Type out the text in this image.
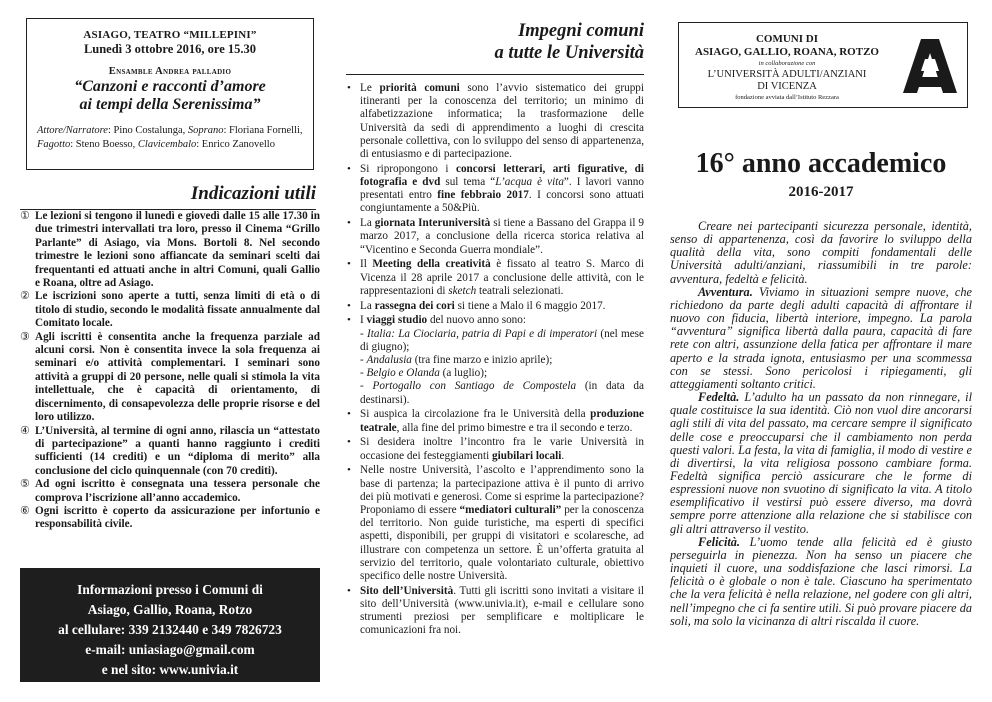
ASIAGO, TEATRO “MILLEPINI”
Lunedì 3 ottobre 2016, ore 15.30
Ensamble Andrea palladio
“Canzoni e racconti d’amore
ai tempi della Serenissima”
Attore/Narratore: Pino Costalunga, Soprano: Floriana Fornelli,
Fagotto: Steno Boesso, Clavicembalo: Enrico Zanovello
Indicazioni utili
① Le lezioni si tengono il lunedì e giovedì dalle 15 alle 17.30 in due trimestri intervallati tra loro, presso il Cinema “Grillo Parlante” di Asiago, via Mons. Bortoli 8. Nel secondo trimestre le lezioni sono affiancate da seminari scelti dai frequentanti ed attuati anche in altri Comuni, quali Gallio e Roana, oltre ad Asiago.
② Le iscrizioni sono aperte a tutti, senza limiti di età o di titolo di studio, secondo le modalità fissate annualmente dal Comitato locale.
③ Agli iscritti è consentita anche la frequenza parziale ad alcuni corsi. Non è consentita invece la sola frequenza ai seminari e/o attività complementari. I seminari sono attività a gruppi di 20 persone, nelle quali si stimola la vita intellettuale, che è capacità di orientamento, di discernimento, di consapevolezza delle proprie risorse e del loro utilizzo.
④ L’Università, al termine di ogni anno, rilascia un “attestato di partecipazione” a quanti hanno raggiunto i crediti sufficienti (14 crediti) e un “diploma di merito” alla conclusione del ciclo quinquennale (con 70 crediti).
⑤ Ad ogni iscritto è consegnata una tessera personale che comprova l’iscrizione all’anno accademico.
⑥ Ogni iscritto è coperto da assicurazione per infortunio e responsabilità civile.
Informazioni presso i Comuni di
Asiago, Gallio, Roana, Rotzo
al cellulare: 339 2132440 e 349 7826723
e-mail: uniasiago@gmail.com
e nel sito: www.univia.it
Impegni comuni
a tutte le Università
• Le priorità comuni sono l’avvio sistematico dei gruppi itineranti per la conoscenza del territorio; un minimo di alfabetizzazione informatica; la trasformazione delle Università da sedi di apprendimento a luoghi di crescita personale collettiva, con lo sviluppo del senso di appartenenza, di entusiasmo e di partecipazione.
• Si ripropongono i concorsi letterari, arti figurative, di fotografia e dvd sul tema “L’acqua è vita”. I lavori vanno presentati entro fine febbraio 2017. I concorsi sono attuati congiuntamente a 50&Più.
• La giornata Interuniversità si tiene a Bassano del Grappa il 9 marzo 2017, a conclusione della ricerca storica relativa al “Vicentino e Seconda Guerra mondiale”.
• Il Meeting della creatività è fissato al teatro S. Marco di Vicenza il 28 aprile 2017 a conclusione delle attività, con le rappresentazioni di sketch teatrali selezionati.
• La rassegna dei cori si tiene a Malo il 6 maggio 2017.
• I viaggi studio del nuovo anno sono:
- Italia: La Ciociaria, patria di Papi e di imperatori (nel mese di giugno);
- Andalusia (tra fine marzo e inizio aprile);
- Belgio e Olanda (a luglio);
- Portogallo con Santiago de Compostela (in data da destinarsi).
• Si auspica la circolazione fra le Università della produzione teatrale, alla fine del primo bimestre e tra il secondo e terzo.
• Si desidera inoltre l’incontro fra le varie Università in occasione dei festeggiamenti giubilari locali.
• Nelle nostre Università, l’ascolto e l’apprendimento sono la base di partenza; la partecipazione attiva è il punto di arrivo dei più motivati e generosi. Come si esprime la partecipazione?
Proponiamo di essere “mediatori culturali” per la conoscenza del territorio. Non guide turistiche, ma esperti di specifici aspetti, disponibili, per gruppi di visitatori e scolaresche, ad illustrare con competenza un settore. È un’offerta gratuita al servizio del territorio, quale volontariato culturale, obiettivo specifico delle nostre Università.
• Sito dell’Università. Tutti gli iscritti sono invitati a visitare il sito dell’Università (www.univia.it), e-mail e cellulare sono strumenti preziosi per semplificare e moltiplicare le comunicazioni fra noi.
COMUNI DI
ASIAGO, GALLIO, ROANA, ROTZO
in collaborazione con
L’UNIVERSITÀ ADULTI/ANZIANI
DI VICENZA
fondazione avviata dall’Istituto Rezzara
16° anno accademico
2016-2017

Creare nei partecipanti sicurezza personale, identità, senso di appartenenza, così da favorire lo sviluppo della qualità della vita, sono compiti fondamentali delle Università adulti/anziani, riassumibili in tre parole: avventura, fedeltà e felicità.

Avventura. Viviamo in situazioni sempre nuove, che richiedono da parte degli adulti capacità di affrontare il nuovo con fiducia, libertà interiore, impegno. La parola “avventura” significa libertà dalla paura, capacità di fare rete con altri, assunzione della fatica per affrontare il mare aperto e la strada ignota, entusiasmo per una scommessa con se stessi. Sono pericolosi i ripiegamenti, gli atteggiamenti soltanto critici.

Fedeltà. L’adulto ha un passato da non rinnegare, il quale costituisce la sua identità. Ciò non vuol dire ancorarsi agli stili di vita del passato, ma cercare sempre il significato delle cose e preoccuparsi che il cambiamento non perda questi valori. La festa, la vita di famiglia, il modo di vestire e di divertirsi, la vita religiosa possono cambiare forma. Fedeltà significa perciò assicurare che le forme di espressioni nuove non svuotino di significato la vita. A titolo esemplificativo il vestirsi può essere diverso, ma dovrà sempre porre attenzione alla relazione che si stabilisce con gli altri attraverso il vestito.

Felicità. L’uomo tende alla felicità ed è giusto perseguirla in pienezza. Non ha senso un piacere che inquieti il cuore, una soddisfazione che lasci rimorsi. La felicità o è globale o non è tale. Ciascuno ha sperimentato che la vera felicità è nella relazione, nel godere con gli altri, nell’impegno che ci fa sentire utili. Si può provare piacere da soli, ma solo la vicinanza di altri riscalda il cuore.
